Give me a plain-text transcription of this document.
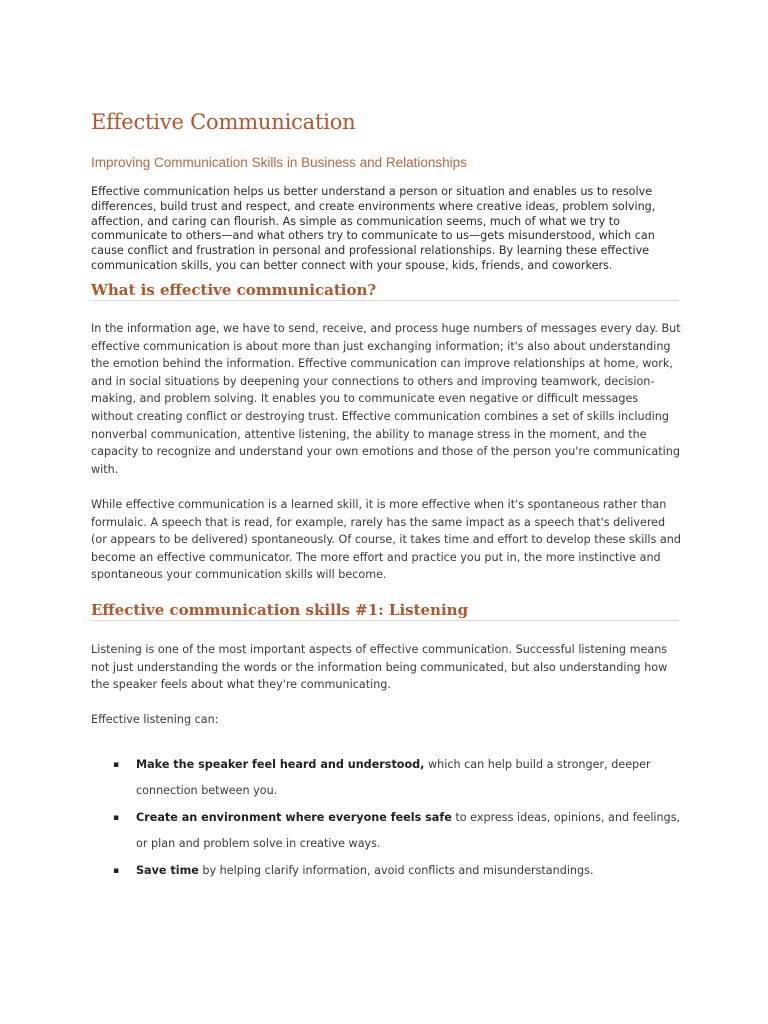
Effective Communication
Improving Communication Skills in Business and Relationships

Effective communication helps us better understand a person or situation and enables us to resolve differences, build trust and respect, and create environments where creative ideas, problem solving, affection, and caring can flourish. As simple as communication seems, much of what we try to communicate to others—and what others try to communicate to us—gets misunderstood, which can cause conflict and frustration in personal and professional relationships. By learning these effective communication skills, you can better connect with your spouse, kids, friends, and coworkers.

What is effective communication?

In the information age, we have to send, receive, and process huge numbers of messages every day. But effective communication is about more than just exchanging information; it's also about understanding the emotion behind the information. Effective communication can improve relationships at home, work, and in social situations by deepening your connections to others and improving teamwork, decision-making, and problem solving. It enables you to communicate even negative or difficult messages without creating conflict or destroying trust. Effective communication combines a set of skills including nonverbal communication, attentive listening, the ability to manage stress in the moment, and the capacity to recognize and understand your own emotions and those of the person you're communicating with.

While effective communication is a learned skill, it is more effective when it's spontaneous rather than formulaic. A speech that is read, for example, rarely has the same impact as a speech that's delivered (or appears to be delivered) spontaneously. Of course, it takes time and effort to develop these skills and become an effective communicator. The more effort and practice you put in, the more instinctive and spontaneous your communication skills will become.

Effective communication skills #1: Listening

Listening is one of the most important aspects of effective communication. Successful listening means not just understanding the words or the information being communicated, but also understanding how the speaker feels about what they're communicating.

Effective listening can:

▪ Make the speaker feel heard and understood, which can help build a stronger, deeper connection between you.
▪ Create an environment where everyone feels safe to express ideas, opinions, and feelings, or plan and problem solve in creative ways.
▪ Save time by helping clarify information, avoid conflicts and misunderstandings.
